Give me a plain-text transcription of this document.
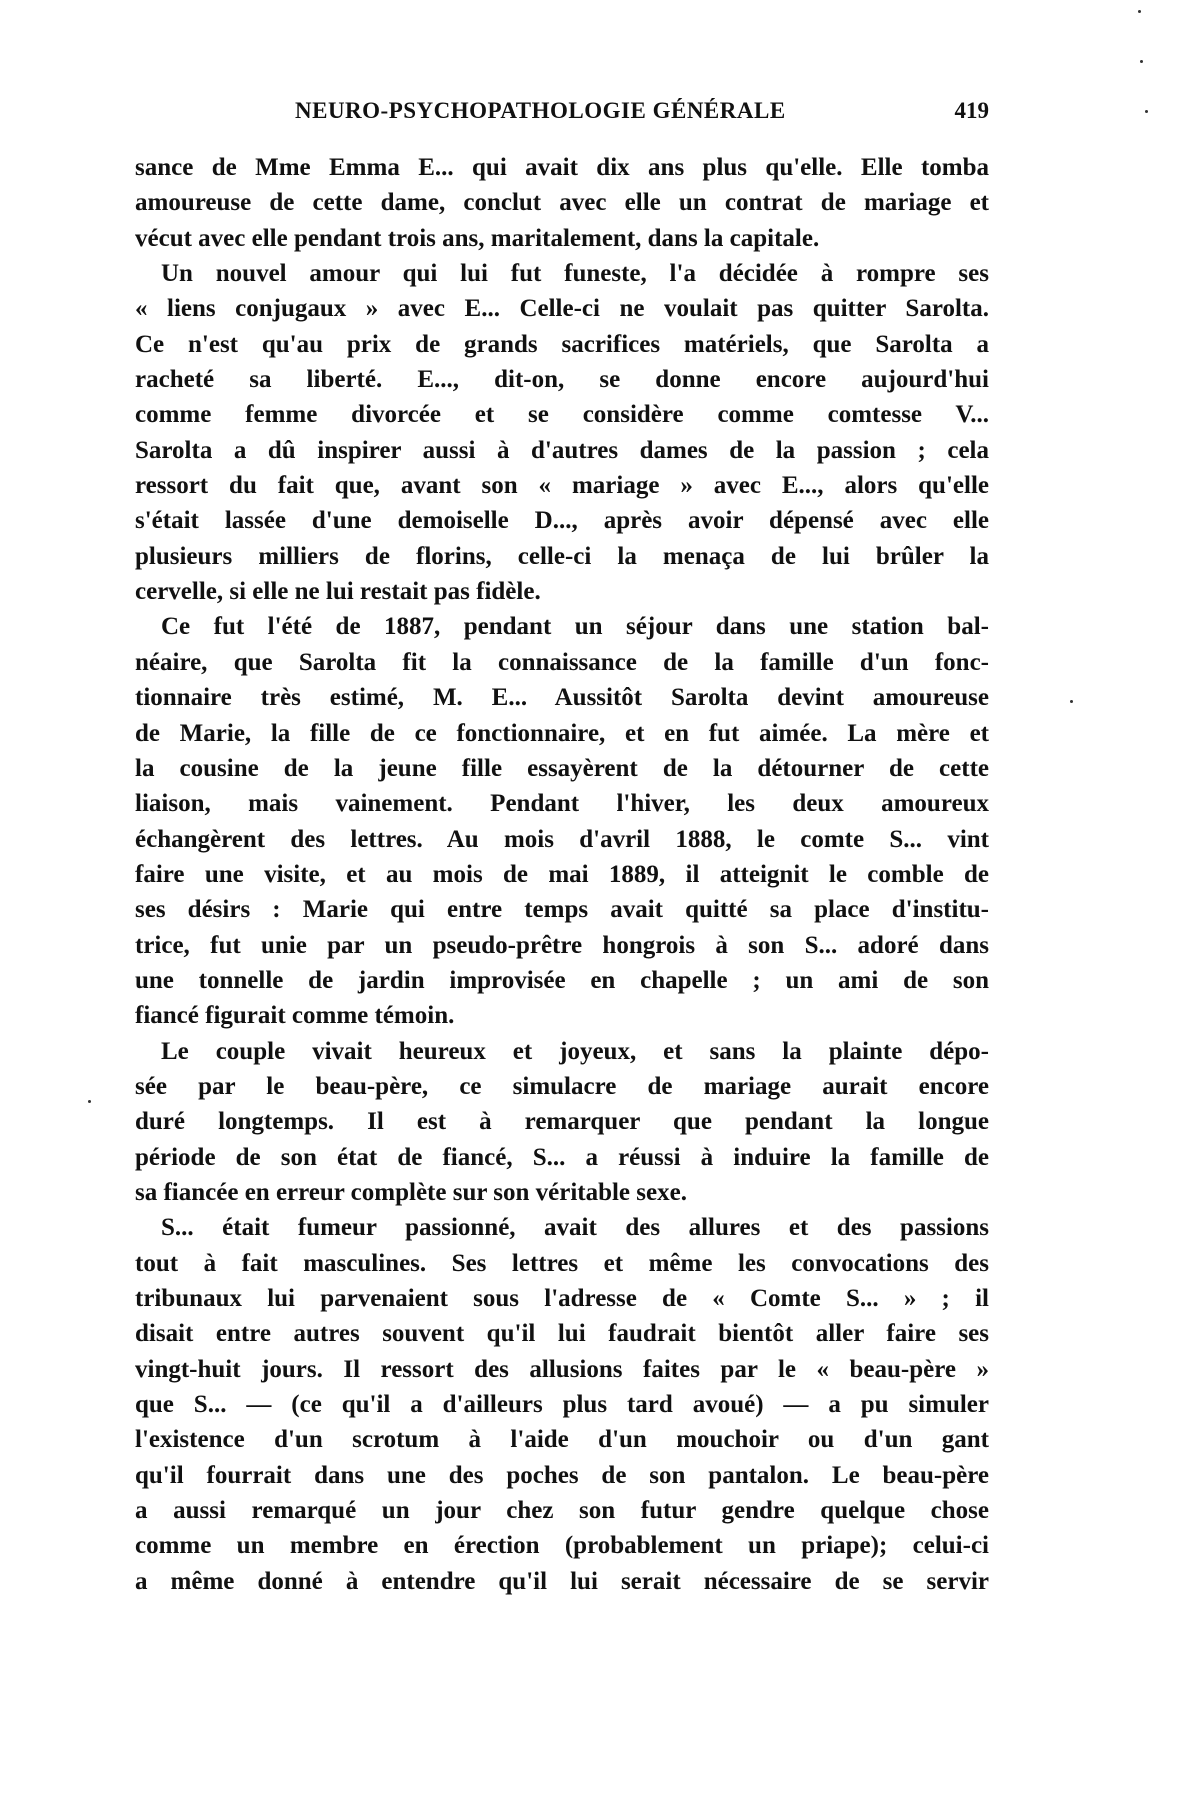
NEURO-PSYCHOPATHOLOGIE GÉNÉRALE	419
sance de Mme Emma E... qui avait dix ans plus qu'elle. Elle tomba
amoureuse de cette dame, conclut avec elle un contrat de mariage et
vécut avec elle pendant trois ans, maritalement, dans la capitale.
Un nouvel amour qui lui fut funeste, l'a décidée à rompre ses
« liens conjugaux » avec E... Celle-ci ne voulait pas quitter Sarolta.
Ce n'est qu'au prix de grands sacrifices matériels, que Sarolta a
racheté sa liberté. E..., dit-on, se donne encore aujourd'hui
comme femme divorcée et se considère comme comtesse V...
Sarolta a dû inspirer aussi à d'autres dames de la passion ; cela
ressort du fait que, avant son « mariage » avec E..., alors qu'elle
s'était lassée d'une demoiselle D..., après avoir dépensé avec elle
plusieurs milliers de florins, celle-ci la menaça de lui brûler la
cervelle, si elle ne lui restait pas fidèle.
Ce fut l'été de 1887, pendant un séjour dans une station bal-
néaire, que Sarolta fit la connaissance de la famille d'un fonc-
tionnaire très estimé, M. E... Aussitôt Sarolta devint amoureuse
de Marie, la fille de ce fonctionnaire, et en fut aimée. La mère et
la cousine de la jeune fille essayèrent de la détourner de cette
liaison, mais vainement. Pendant l'hiver, les deux amoureux
échangèrent des lettres. Au mois d'avril 1888, le comte S... vint
faire une visite, et au mois de mai 1889, il atteignit le comble de
ses désirs : Marie qui entre temps avait quitté sa place d'institu-
trice, fut unie par un pseudo-prêtre hongrois à son S... adoré dans
une tonnelle de jardin improvisée en chapelle ; un ami de son
fiancé figurait comme témoin.
Le couple vivait heureux et joyeux, et sans la plainte dépo-
sée par le beau-père, ce simulacre de mariage aurait encore
duré longtemps. Il est à remarquer que pendant la longue
période de son état de fiancé, S... a réussi à induire la famille de
sa fiancée en erreur complète sur son véritable sexe.
S... était fumeur passionné, avait des allures et des passions
tout à fait masculines. Ses lettres et même les convocations des
tribunaux lui parvenaient sous l'adresse de « Comte S... » ; il
disait entre autres souvent qu'il lui faudrait bientôt aller faire ses
vingt-huit jours. Il ressort des allusions faites par le « beau-père »
que S... — (ce qu'il a d'ailleurs plus tard avoué) — a pu simuler
l'existence d'un scrotum à l'aide d'un mouchoir ou d'un gant
qu'il fourrait dans une des poches de son pantalon. Le beau-père
a aussi remarqué un jour chez son futur gendre quelque chose
comme un membre en érection (probablement un priape); celui-ci
a même donné à entendre qu'il lui serait nécessaire de se servir
